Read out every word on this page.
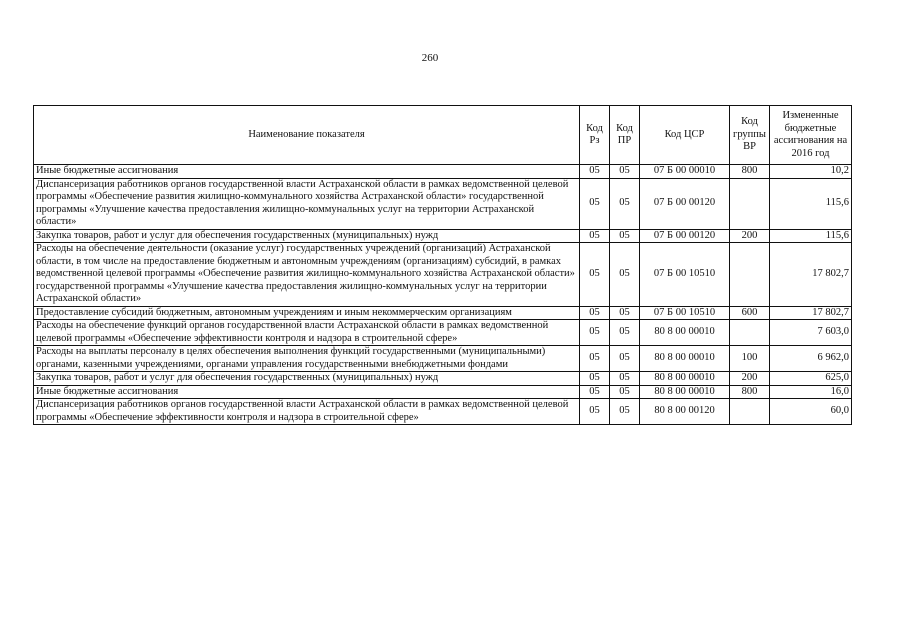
260
Наименование показателя	Код Рз	Код ПР	Код ЦСР	Код группы ВР	Измененные бюджетные ассигнования на 2016 год
Иные бюджетные ассигнования	05	05	07 Б 00 00010	800	10,2
Диспансеризация работников органов государственной власти Астраханской области в рамках ведомственной целевой программы «Обеспечение развития жилищно-коммунального хозяйства Астраханской области» государственной программы «Улучшение качества предоставления жилищно-коммунальных услуг на территории Астраханской области»	05	05	07 Б 00 00120		115,6
Закупка товаров, работ и услуг для обеспечения государственных (муниципальных) нужд	05	05	07 Б 00 00120	200	115,6
Расходы на обеспечение деятельности (оказание услуг) государственных учреждений (организаций) Астраханской области, в том числе на предоставление бюджетным и автономным учреждениям (организациям) субсидий, в рамках ведомственной целевой программы «Обеспечение развития жилищно-коммунального хозяйства Астраханской области» государственной программы «Улучшение качества предоставления жилищно-коммунальных услуг на территории Астраханской области»	05	05	07 Б 00 10510		17 802,7
Предоставление субсидий бюджетным, автономным учреждениям и иным некоммерческим организациям	05	05	07 Б 00 10510	600	17 802,7
Расходы на обеспечение функций органов государственной власти Астраханской области в рамках ведомственной целевой программы «Обеспечение эффективности контроля и надзора в строительной сфере»	05	05	80 8 00 00010		7 603,0
Расходы на выплаты персоналу в целях обеспечения выполнения функций государственными (муниципальными) органами, казенными учреждениями, органами управления государственными внебюджетными фондами	05	05	80 8 00 00010	100	6 962,0
Закупка товаров, работ и услуг для обеспечения государственных (муниципальных) нужд	05	05	80 8 00 00010	200	625,0
Иные бюджетные ассигнования	05	05	80 8 00 00010	800	16,0
Диспансеризация работников органов государственной власти Астраханской области в рамках ведомственной целевой программы «Обеспечение эффективности контроля и надзора в строительной сфере»	05	05	80 8 00 00120		60,0
